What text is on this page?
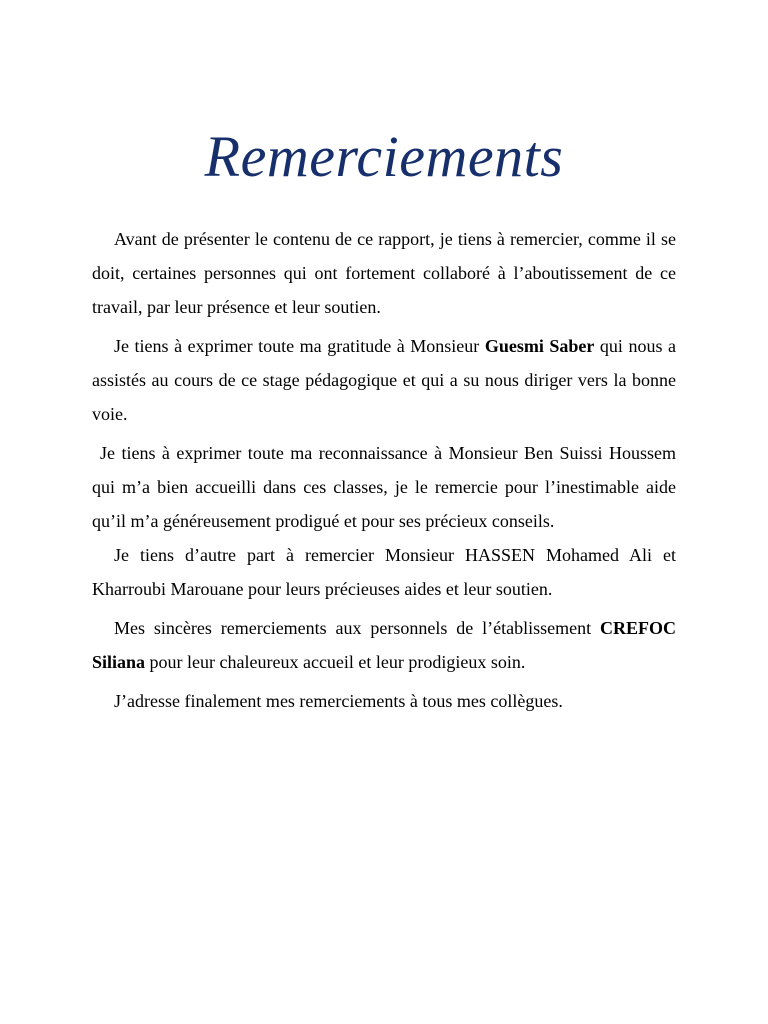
Remerciements

Avant de présenter le contenu de ce rapport, je tiens à remercier, comme il se doit, certaines personnes qui ont fortement collaboré à l’aboutissement de ce travail, par leur présence et leur soutien.

Je tiens à exprimer toute ma gratitude à Monsieur Guesmi Saber qui nous a assistés au cours de ce stage pédagogique et qui a su nous diriger vers la bonne voie.

Je tiens à exprimer toute ma reconnaissance à Monsieur Ben Suissi Houssem qui m’a bien accueilli dans ces classes, je le remercie pour l’inestimable aide qu’il m’a généreusement prodigué et pour ses précieux conseils.

Je tiens d’autre part à remercier Monsieur HASSEN Mohamed Ali et Kharroubi Marouane pour leurs précieuses aides et leur soutien.

Mes sincères remerciements aux personnels de l’établissement CREFOC Siliana pour leur chaleureux accueil et leur prodigieux soin.

J’adresse finalement mes remerciements à tous mes collègues.
